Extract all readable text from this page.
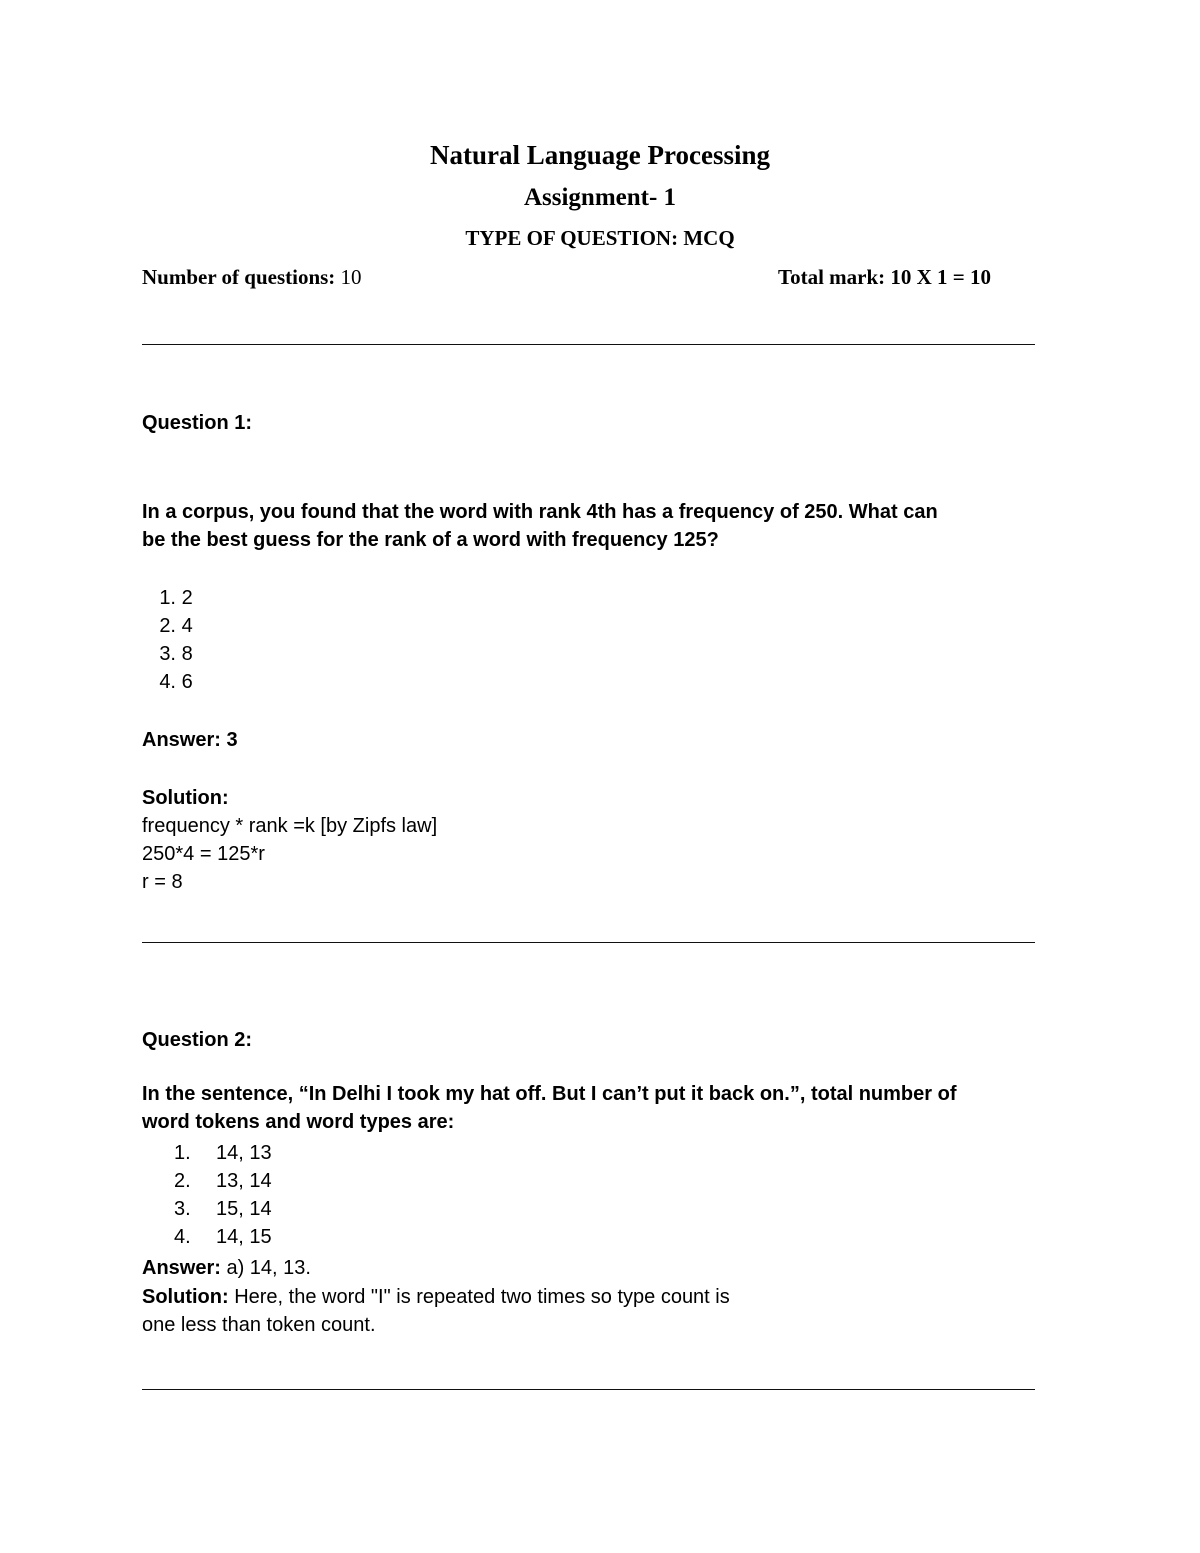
Natural Language Processing
Assignment- 1
TYPE OF QUESTION: MCQ
Number of questions: 10	Total mark: 10 X 1 = 10
Question 1:
In a corpus, you found that the word with rank 4th has a frequency of 250. What can
be the best guess for the rank of a word with frequency 125?
1. 2
2. 4
3. 8
4. 6
Answer: 3
Solution:
frequency * rank =k [by Zipfs law]
250*4 = 125*r
r = 8
Question 2:
In the sentence, “In Delhi I took my hat off. But I can’t put it back on.”, total number of
word tokens and word types are:
1. 14, 13
2. 13, 14
3. 15, 14
4. 14, 15
Answer: a) 14, 13.
Solution: Here, the word "I" is repeated two times so type count is
one less than token count.
